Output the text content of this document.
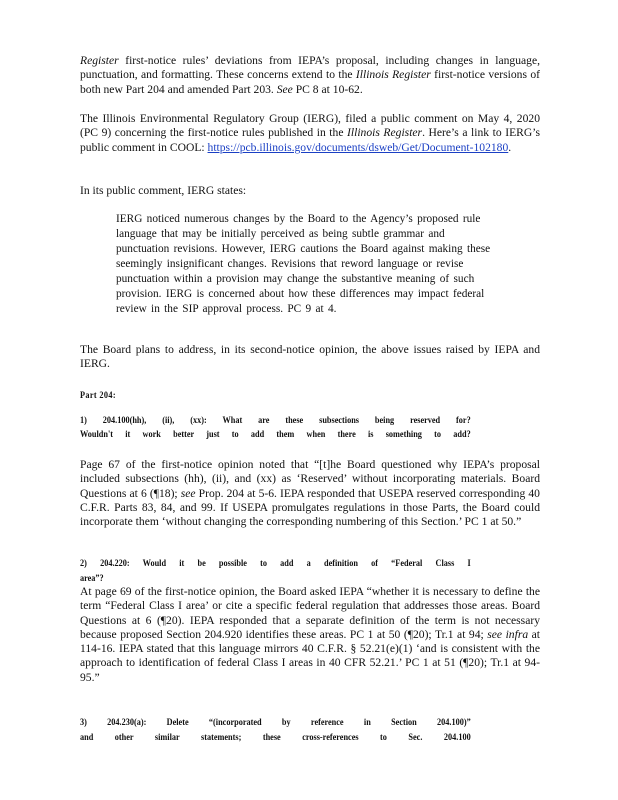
Register first-notice rules’ deviations from IEPA’s proposal, including changes in language, punctuation, and formatting. These concerns extend to the Illinois Register first-notice versions of both new Part 204 and amended Part 203. See PC 8 at 10-62.

The Illinois Environmental Regulatory Group (IERG), filed a public comment on May 4, 2020 (PC 9) concerning the first-notice rules published in the Illinois Register. Here’s a link to IERG’s public comment in COOL: https://pcb.illinois.gov/documents/dsweb/Get/Document-102180.

In its public comment, IERG states:

IERG noticed numerous changes by the Board to the Agency’s proposed rule language that may be initially perceived as being subtle grammar and punctuation revisions. However, IERG cautions the Board against making these seemingly insignificant changes. Revisions that reword language or revise punctuation within a provision may change the substantive meaning of such provision. IERG is concerned about how these differences may impact federal review in the SIP approval process. PC 9 at 4.

The Board plans to address, in its second-notice opinion, the above issues raised by IEPA and IERG.

Part 204:

1) 204.100(hh), (ii), (xx): What are these subsections being reserved for?

Wouldn't it work better just to add them when there is something to add?

Page 67 of the first-notice opinion noted that “[t]he Board questioned why IEPA’s proposal included subsections (hh), (ii), and (xx) as ‘Reserved’ without incorporating materials. Board Questions at 6 (¶18); see Prop. 204 at 5-6. IEPA responded that USEPA reserved corresponding 40 C.F.R. Parts 83, 84, and 99. If USEPA promulgates regulations in those Parts, the Board could incorporate them ‘without changing the corresponding numbering of this Section.’ PC 1 at 50.”

2) 204.220: Would it be possible to add a definition of “Federal Class I

area”?

At page 69 of the first-notice opinion, the Board asked IEPA “whether it is necessary to define the term “Federal Class I area’ or cite a specific federal regulation that addresses those areas. Board Questions at 6 (¶20). IEPA responded that a separate definition of the term is not necessary because proposed Section 204.920 identifies these areas. PC 1 at 50 (¶20); Tr.1 at 94; see infra at 114-16. IEPA stated that this language mirrors 40 C.F.R. § 52.21(e)(1) ‘and is consistent with the approach to identification of federal Class I areas in 40 CFR 52.21.’ PC 1 at 51 (¶20); Tr.1 at 94-95.”

3) 204.230(a): Delete “(incorporated by reference in Section 204.100)”

and other similar statements; these cross-references to Sec. 204.100
